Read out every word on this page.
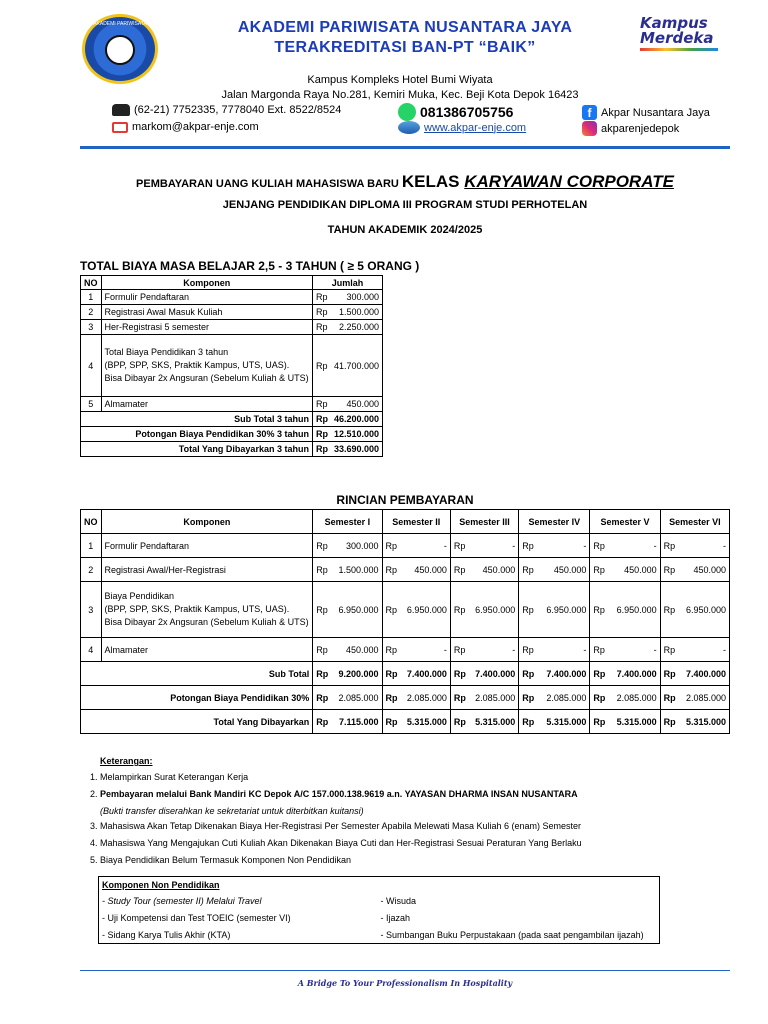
AKADEMI PARIWISATA	AKADEMI PARIWISATA NUSANTARA JAYA
TERAKREDITASI BAN-PT “BAIK”
Kampus
Merdeka
Kampus Kompleks Hotel Bumi Wiyata
Jalan Margonda Raya No.281, Kemiri Muka, Kec. Beji Kota Depok 16423
(62-21) 7752335, 7778040 Ext. 8522/8524
markom@akpar-enje.com
081386705756
www.akpar-enje.com
f Akpar Nusantara Jaya
akparenjedepok
PEMBAYARAN UANG KULIAH MAHASISWA BARU KELAS KARYAWAN CORPORATE
JENJANG PENDIDIKAN DIPLOMA III PROGRAM STUDI PERHOTELAN
TAHUN AKADEMIK 2024/2025
TOTAL BIAYA MASA BELAJAR 2,5 - 3 TAHUN ( ≥ 5 ORANG )
NO	Komponen	Jumlah	
1	Formulir Pendaftaran	Rp	300.000
2	Registrasi Awal Masuk Kuliah	Rp	1.500.000
3	Her-Registrasi 5 semester	Rp	2.250.000
4	Total Biaya Pendidikan 3 tahun
(BPP, SPP, SKS, Praktik Kampus, UTS, UAS).
Bisa Dibayar 2x Angsuran (Sebelum Kuliah & UTS)	Rp	41.700.000
5	Almamater	Rp	450.000
Sub Total 3 tahun		Rp	46.200.000
Potongan Biaya Pendidikan 30% 3 tahun		Rp	12.510.000
Total Yang Dibayarkan 3 tahun		Rp	33.690.000
RINCIAN PEMBAYARAN
NO	Komponen	Semester I		Semester II		Semester III		Semester IV		Semester V		Semester VI	
1	Formulir Pendaftaran	Rp	300.000	Rp	-	Rp	-	Rp	-	Rp	-	Rp	-
2	Registrasi Awal/Her-Registrasi	Rp	1.500.000	Rp	450.000	Rp	450.000	Rp	450.000	Rp	450.000	Rp	450.000
3	Biaya Pendidikan
(BPP, SPP, SKS, Praktik Kampus, UTS, UAS).
Bisa Dibayar 2x Angsuran (Sebelum Kuliah & UTS)	Rp	6.950.000	Rp	6.950.000	Rp	6.950.000	Rp	6.950.000	Rp	6.950.000	Rp	6.950.000
4	Almamater	Rp	450.000	Rp	-	Rp	-	Rp	-	Rp	-	Rp	-
Sub Total		Rp	9.200.000	Rp	7.400.000	Rp	7.400.000	Rp	7.400.000	Rp	7.400.000	Rp	7.400.000
Potongan Biaya Pendidikan 30%		Rp	2.085.000	Rp	2.085.000	Rp	2.085.000	Rp	2.085.000	Rp	2.085.000	Rp	2.085.000
Total Yang Dibayarkan		Rp	7.115.000	Rp	5.315.000	Rp	5.315.000	Rp	5.315.000	Rp	5.315.000	Rp	5.315.000
Keterangan:
1. Melampirkan Surat Keterangan Kerja
2. Pembayaran melalui Bank Mandiri KC Depok A/C 157.000.138.9619 a.n. YAYASAN DHARMA INSAN NUSANTARA
(Bukti transfer diserahkan ke sekretariat untuk diterbitkan kuitansi)
3. Mahasiswa Akan Tetap Dikenakan Biaya Her-Registrasi Per Semester Apabila Melewati Masa Kuliah 6 (enam) Semester
4. Mahasiswa Yang Mengajukan Cuti Kuliah Akan Dikenakan Biaya Cuti dan Her-Registrasi Sesuai Peraturan Yang Berlaku
5. Biaya Pendidikan Belum Termasuk Komponen Non Pendidikan
Komponen Non Pendidikan
- Study Tour (semester II) Melalui Travel	- Wisuda
- Uji Kompetensi dan Test TOEIC (semester VI)	- Ijazah
- Sidang Karya Tulis Akhir (KTA)	- Sumbangan Buku Perpustakaan (pada saat pengambilan ijazah)
A Bridge To Your Professionalism In Hospitality
